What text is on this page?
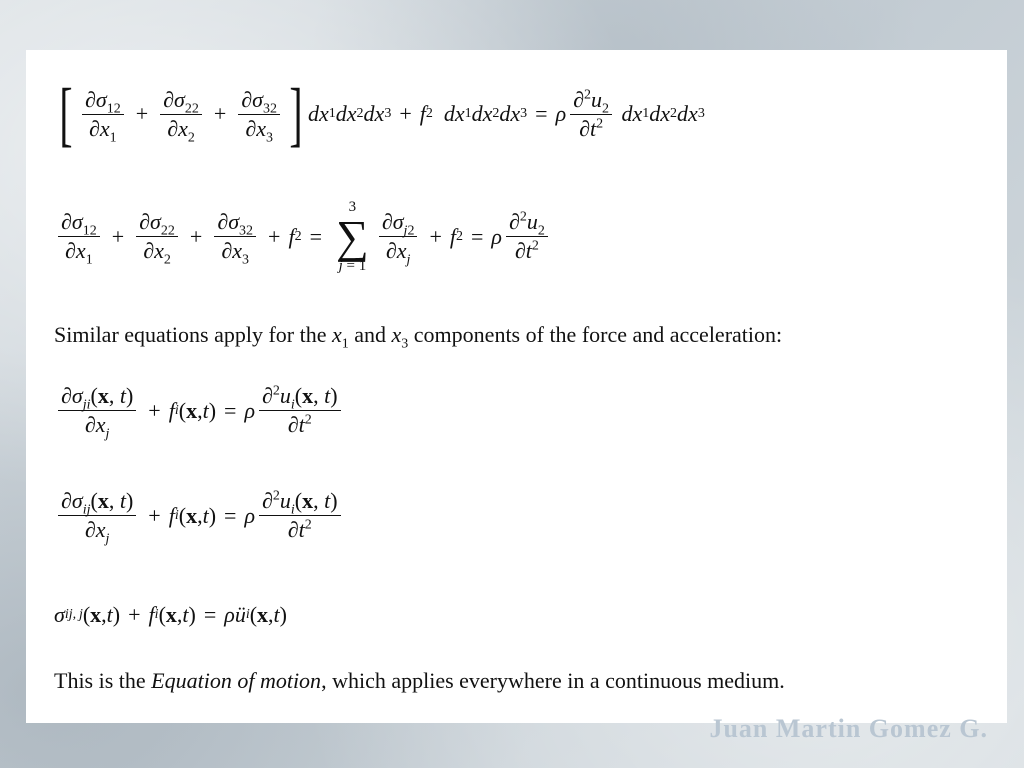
[ $\frac{\partial\sigma_{12}}{\partial x_1} + \frac{\partial\sigma_{22}}{\partial x_2} + \frac{\partial\sigma_{32}}{\partial x_3}$ ] dx 1 dx 2 dx 3 + f 2
dx 1 dx 2 dx 3 = ρ $\frac{\partial^2u_2}{\partial t^2}$
dx 1 dx 2 dx 3
$\frac{\partial\sigma_{12}}{\partial x_1} + \frac{\partial\sigma_{22}}{\partial x_2} + \frac{\partial\sigma_{32}}{\partial x_3} + f$ 2 =
3
∑
j = 1
$\frac{\partial\sigma_{j2}}{\partial x_j} + f$ 2 = ρ $\frac{\partial^2u_2}{\partial t^2}$
Similar equations apply for the $x_1$ and $x_3$ components of the force and acceleration:
$\frac{\partial\sigma_{ji}(x, t)}{\partial x_j} + f$ i ( x , t ) = ρ $\frac{\partial^2u_i(x, t)}{\partial t^2}$
$\frac{\partial\sigma_{ij}(x, t)}{\partial x_j} + f$ i ( x , t ) = ρ $\frac{\partial^2u_i(x, t)}{\partial t^2}$
σ ij, j ( x , t ) + f i ( x , t ) = ρü i ( x , t )
This is the Equation of motion, which applies everywhere in a continuous medium.
Juan Martin Gomez G.
